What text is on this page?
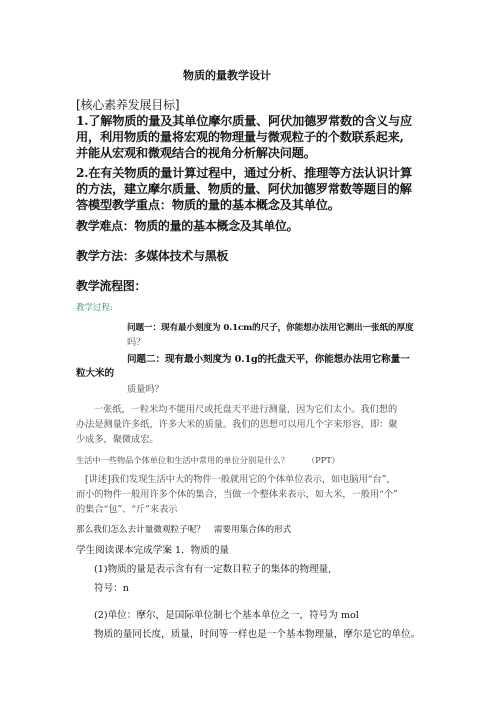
物质的量教学设计
[核心素养发展目标]
1.了解物质的量及其单位摩尔质量、阿伏加德罗常数的含义与应
用，利用物质的量将宏观的物理量与微观粒子的个数联系起来,
并能从宏观和微观结合的视角分析解决问题。
2.在有关物质的量计算过程中，通过分析、推理等方法认识计算
的方法，建立摩尔质量、物质的量、阿伏加德罗常数等题目的解
答模型教学重点：物质的量的基本概念及其单位。
教学难点：物质的量的基本概念及其单位。
教学方法：多媒体技术与黑板
教学流程图：
教学过程:
问题一：现有最小刻度为 0.1cm的尺子，你能想办法用它测出一张纸的厚度
吗？
问题二：现有最小刻度为 0.1g的托盘天平，你能想办法用它称量一
粒大米的
质量吗？
一张纸，一粒米均不能用尺或托盘天平进行测量，因为它们太小。我们想的
办法是测量许多纸，许多大米的质量。我们的思想可以用几个字来形容，即：聚
少成多，聚微成宏。
生活中一些物品个体单位和生活中常用的单位分别是什么？ （PPT）
[讲述]我们发现生活中大的物件一般就用它的个体单位表示，如电脑用“台”，
而小的物件一般用许多个体的集合，当做一个整体来表示，如大米，一般用“个”
的集合“包”、“斤”来表示
那么我们怎么去计量微观粒子呢？ 需要用集合体的形式
学生阅读课本完成学案 1．物质的量
(1)物质的量是表示含有有一定数目粒子的集体的物理量,
符号：n
(2)单位：摩尔，是国际单位制七个基本单位之一，符号为 mol
物质的量同长度，质量，时间等一样也是一个基本物理量，摩尔是它的单位。
